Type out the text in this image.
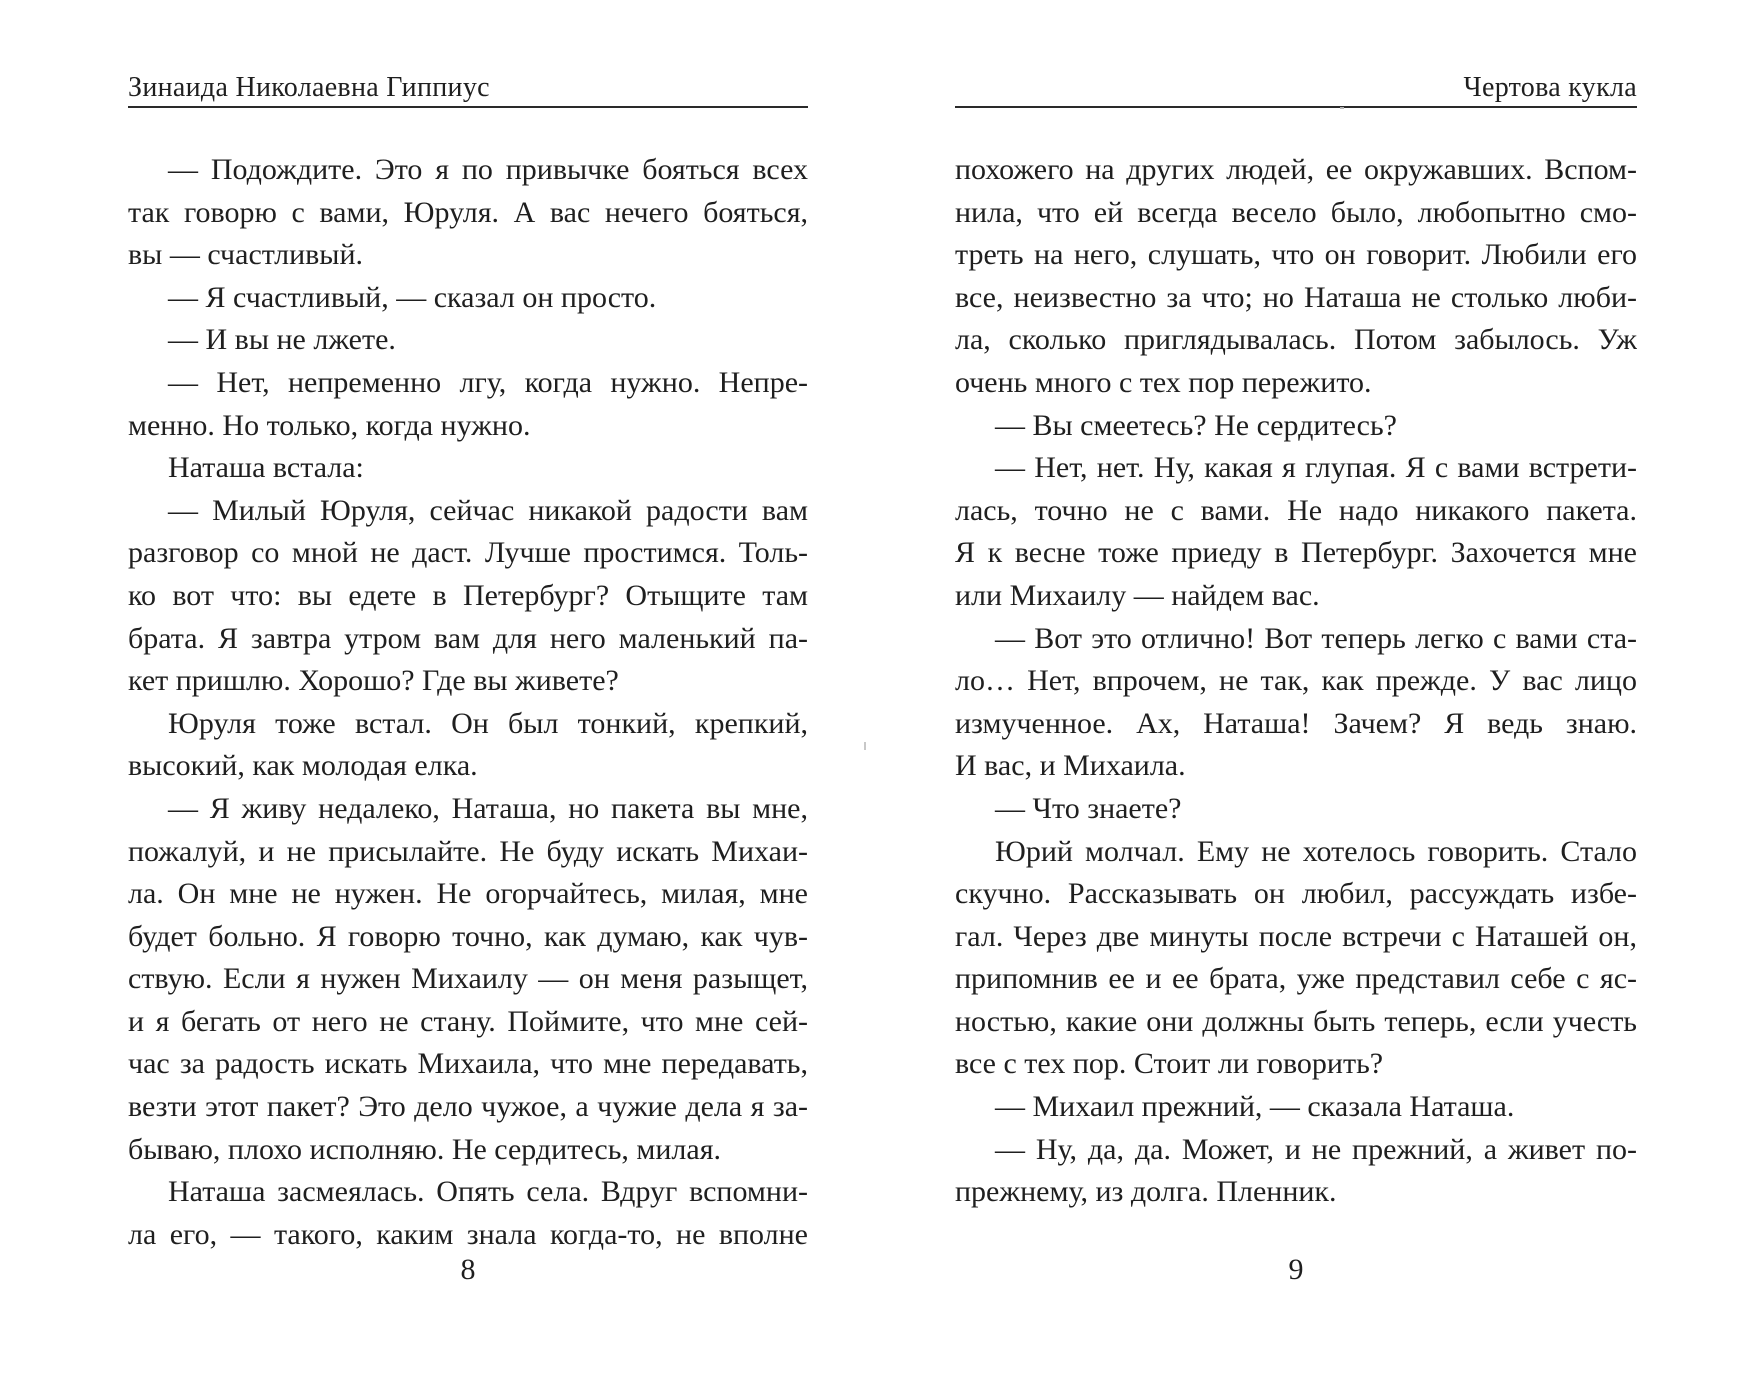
Зинаида Николаевна Гиппиус
— Подождите. Это я по привычке бояться всех
так говорю с вами, Юруля. А вас нечего бояться,
вы — счастливый.
— Я счастливый, — сказал он просто.
— И вы не лжете.
— Нет, непременно лгу, когда нужно. Непре-
менно. Но только, когда нужно.
Наташа встала:
— Милый Юруля, сейчас никакой радости вам
разговор со мной не даст. Лучше простимся. Толь-
ко вот что: вы едете в Петербург? Отыщите там
брата. Я завтра утром вам для него маленький па-
кет пришлю. Хорошо? Где вы живете?
Юруля тоже встал. Он был тонкий, крепкий,
высокий, как молодая елка.
— Я живу недалеко, Наташа, но пакета вы мне,
пожалуй, и не присылайте. Не буду искать Михаи-
ла. Он мне не нужен. Не огорчайтесь, милая, мне
будет больно. Я говорю точно, как думаю, как чув-
ствую. Если я нужен Михаилу — он меня разыщет,
и я бегать от него не стану. Поймите, что мне сей-
час за радость искать Михаила, что мне передавать,
везти этот пакет? Это дело чужое, а чужие дела я за-
бываю, плохо исполняю. Не сердитесь, милая.
Наташа засмеялась. Опять села. Вдруг вспомни-
ла его, — такого, каким знала когда-то, не вполне
8
Чертова кукла
похожего на других людей, ее окружавших. Вспом-
нила, что ей всегда весело было, любопытно смо-
треть на него, слушать, что он говорит. Любили его
все, неизвестно за что; но Наташа не столько люби-
ла, сколько приглядывалась. Потом забылось. Уж
очень много с тех пор пережито.
— Вы смеетесь? Не сердитесь?
— Нет, нет. Ну, какая я глупая. Я с вами встрети-
лась, точно не с вами. Не надо никакого пакета.
Я к весне тоже приеду в Петербург. Захочется мне
или Михаилу — найдем вас.
— Вот это отлично! Вот теперь легко с вами ста-
ло… Нет, впрочем, не так, как прежде. У вас лицо
измученное. Ах, Наташа! Зачем? Я ведь знаю.
И вас, и Михаила.
— Что знаете?
Юрий молчал. Ему не хотелось говорить. Стало
скучно. Рассказывать он любил, рассуждать избе-
гал. Через две минуты после встречи с Наташей он,
припомнив ее и ее брата, уже представил себе с яс-
ностью, какие они должны быть теперь, если учесть
все с тех пор. Стоит ли говорить?
— Михаил прежний, — сказала Наташа.
— Ну, да, да. Может, и не прежний, а живет по-
прежнему, из долга. Пленник.
9
